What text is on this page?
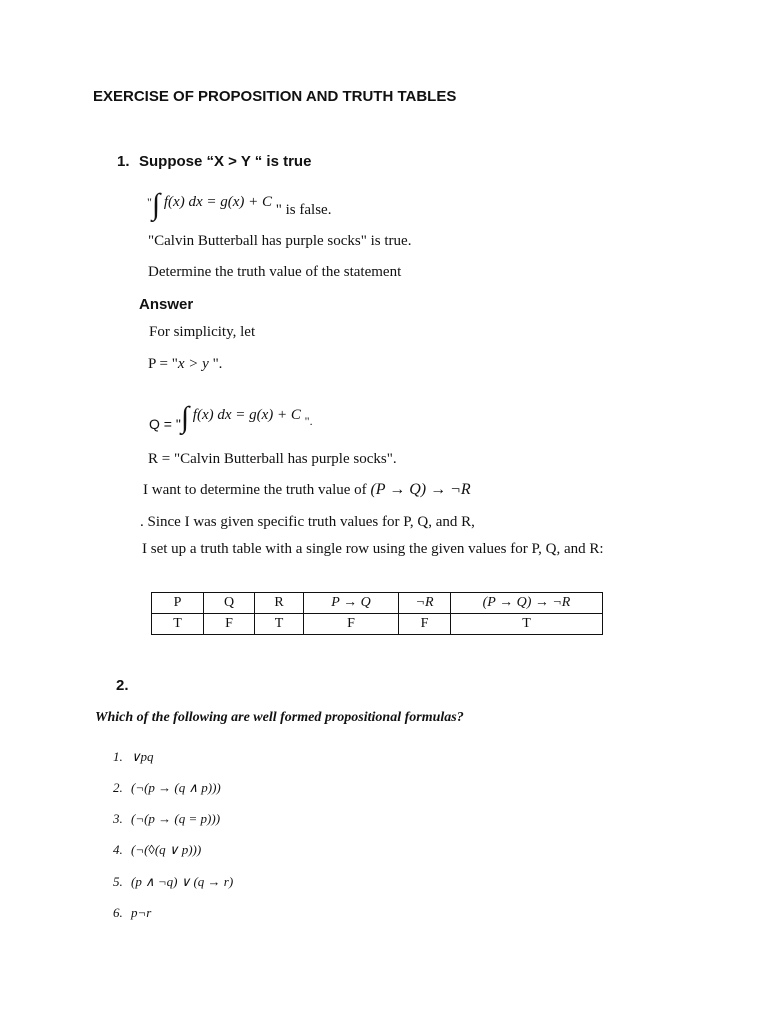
EXERCISE OF PROPOSITION AND TRUTH TABLES
1. Suppose “X > Y “ is true
"∫ f(x) dx = g(x) + C " is false.
"Calvin Butterball has purple socks" is true.
Determine the truth value of the statement
Answer
For simplicity, let
P = "x > y ".
Q = "∫ f(x) dx = g(x) + C $_{".}$
R = "Calvin Butterball has purple socks".
I want to determine the truth value of (P → Q) → ¬R
. Since I was given specific truth values for P, Q, and R,
I set up a truth table with a single row using the given values for P, Q, and R:
P	Q	R	P → Q	¬R	(P → Q) → ¬R
T	F	T	F	F	T
2.
Which of the following are well formed propositional formulas?
1. ∨pq
2. (¬(p → (q ∧ p)))
3. (¬(p → (q = p)))
4. (¬(◊(q ∨ p)))
5. (p ∧ ¬q) ∨ (q → r)
6. p¬r
